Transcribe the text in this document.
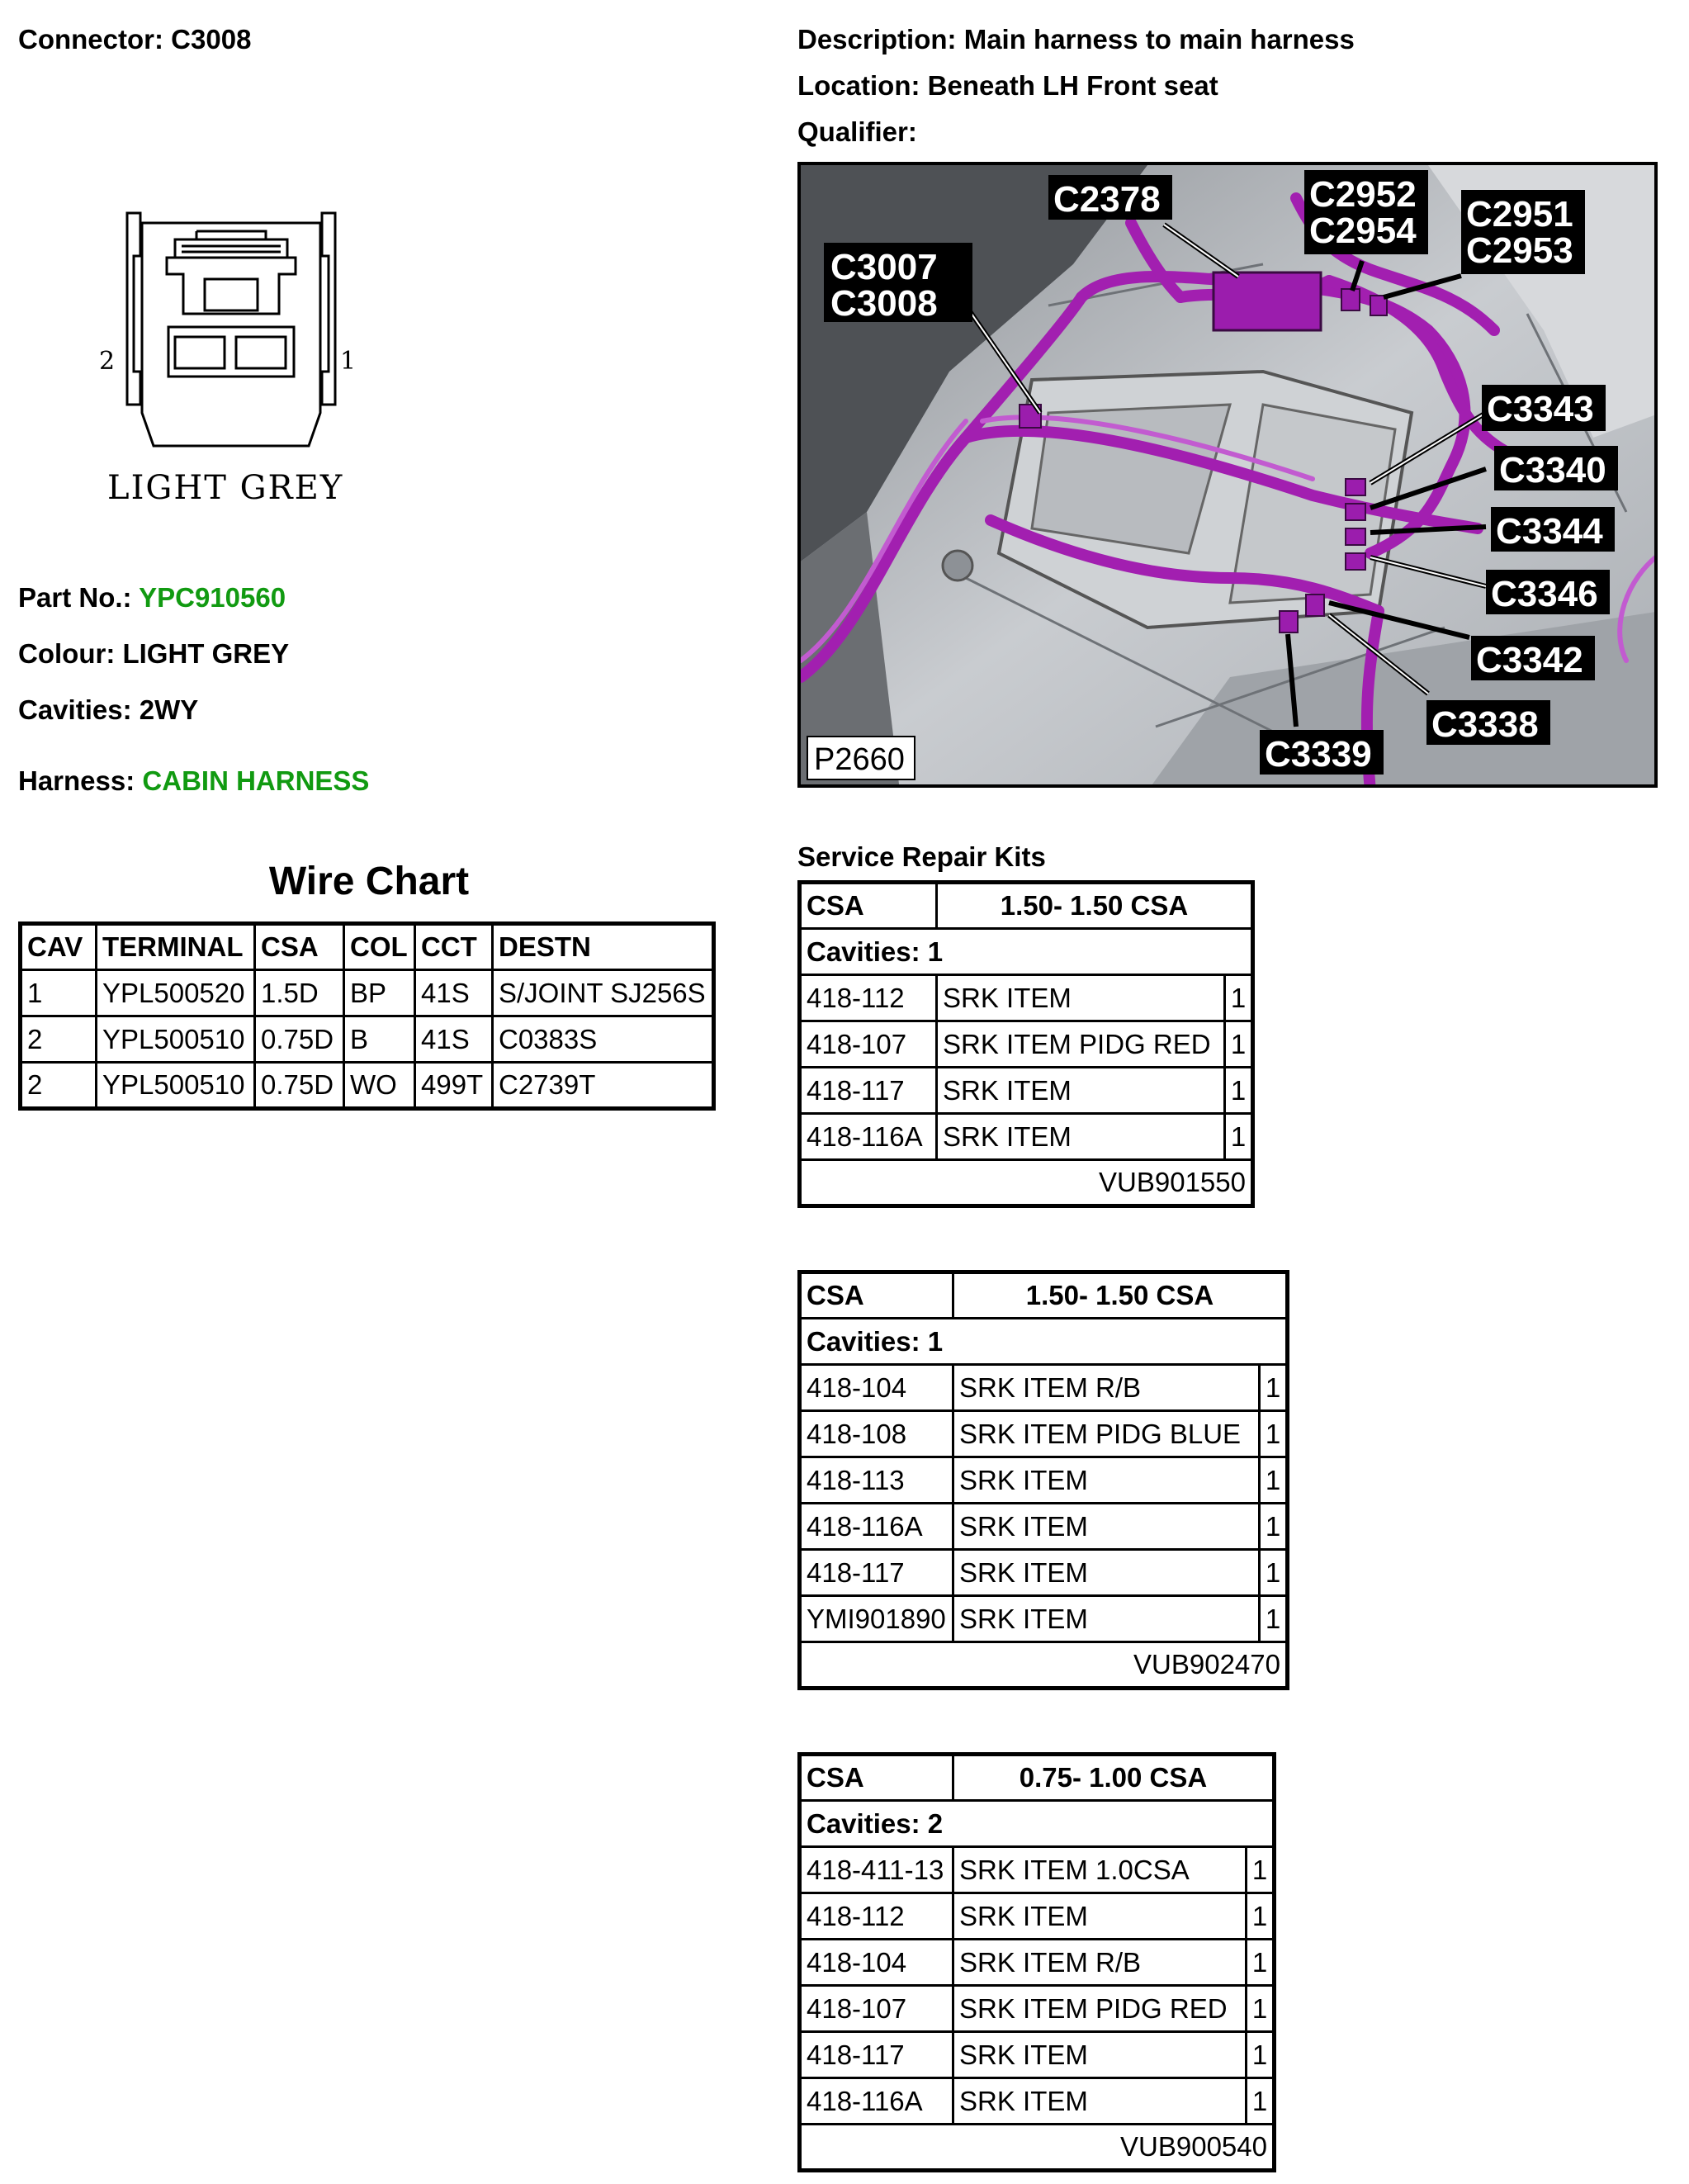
Connector: C3008	Description: Main harness to main harness
Location: Beneath LH Front seat
Qualifier:
2	1
LIGHT GREY
Part No.: YPC910560
Colour: LIGHT GREY
Cavities: 2WY
Harness: CABIN HARNESS
Wire Chart
CAV	TERMINAL	CSA	COL	CCT	DESTN
1	YPL500520	1.5D	BP	41S	S/JOINT SJ256S
2	YPL500510	0.75D	B	41S	C0383S
2	YPL500510	0.75D	WO	499T	C2739T
C3007
C3008
C2378	C2952
C2954 C2951
C2953
C3343
C3340
C3344
C3346
C3342
C3338
C3339
P2660
Service Repair Kits
CSA	1.50- 1.50 CSA	
Cavities: 1		
418-112	SRK ITEM	1
418-107	SRK ITEM PIDG RED	1
418-117	SRK ITEM	1
418-116A	SRK ITEM	1
VUB901550		
CSA	1.50- 1.50 CSA	
Cavities: 1		
418-104	SRK ITEM R/B	1
418-108	SRK ITEM PIDG BLUE	1
418-113	SRK ITEM	1
418-116A	SRK ITEM	1
418-117	SRK ITEM	1
YMI901890	SRK ITEM	1
VUB902470		
CSA	0.75- 1.00 CSA	
Cavities: 2		
418-411-13	SRK ITEM 1.0CSA	1
418-112	SRK ITEM	1
418-104	SRK ITEM R/B	1
418-107	SRK ITEM PIDG RED	1
418-117	SRK ITEM	1
418-116A	SRK ITEM	1
VUB900540		
